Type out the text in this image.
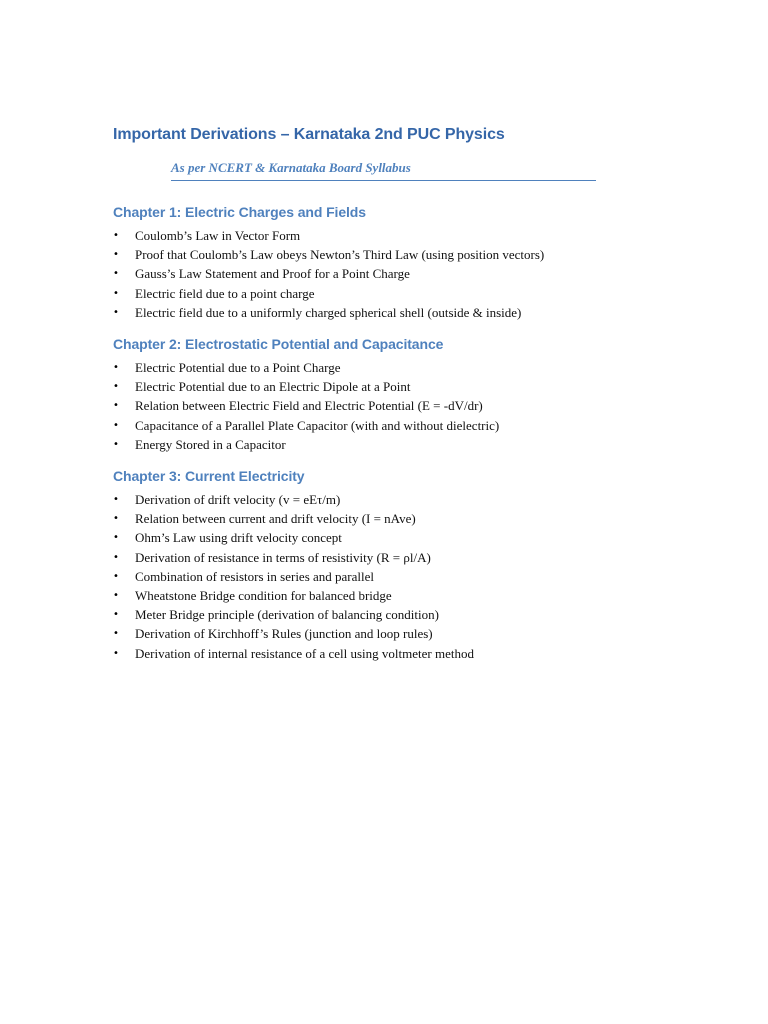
Important Derivations – Karnataka 2nd PUC Physics
As per NCERT & Karnataka Board Syllabus
Chapter 1: Electric Charges and Fields
• Coulomb’s Law in Vector Form
• Proof that Coulomb’s Law obeys Newton’s Third Law (using position vectors)
• Gauss’s Law Statement and Proof for a Point Charge
• Electric field due to a point charge
• Electric field due to a uniformly charged spherical shell (outside & inside)
Chapter 2: Electrostatic Potential and Capacitance
• Electric Potential due to a Point Charge
• Electric Potential due to an Electric Dipole at a Point
• Relation between Electric Field and Electric Potential (E = -dV/dr)
• Capacitance of a Parallel Plate Capacitor (with and without dielectric)
• Energy Stored in a Capacitor
Chapter 3: Current Electricity
• Derivation of drift velocity (v = eEτ/m)
• Relation between current and drift velocity (I = nAve)
• Ohm’s Law using drift velocity concept
• Derivation of resistance in terms of resistivity (R = ρl/A)
• Combination of resistors in series and parallel
• Wheatstone Bridge condition for balanced bridge
• Meter Bridge principle (derivation of balancing condition)
• Derivation of Kirchhoff’s Rules (junction and loop rules)
• Derivation of internal resistance of a cell using voltmeter method
